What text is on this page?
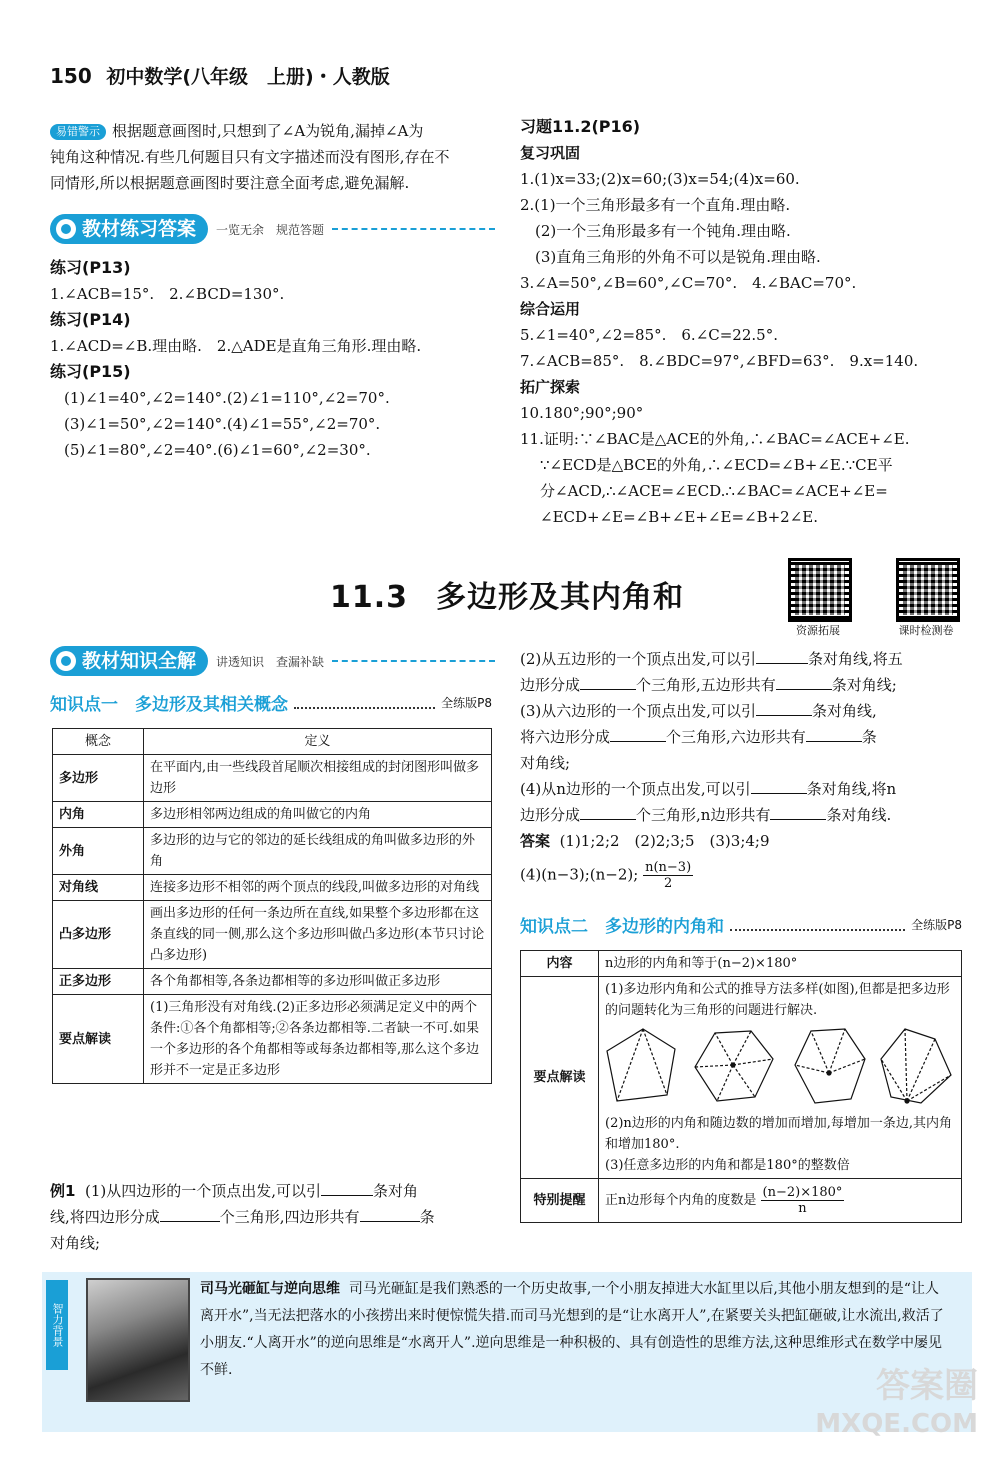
150 初中数学(八年级　上册)・人教版
易错警示 根据题意画图时,只想到了∠A为锐角,漏掉∠A为
钝角这种情况.有些几何题目只有文字描述而没有图形,存在不
同情形,所以根据题意画图时要注意全面考虑,避免漏解.
教材练习答案 一览无余　规范答题
练习(P13)
1.∠ACB=15°.　2.∠BCD=130°.
练习(P14)
1.∠ACD=∠B.理由略.　2.△ADE是直角三角形.理由略.
练习(P15)
(1)∠1=40°,∠2=140°.(2)∠1=110°,∠2=70°.
(3)∠1=50°,∠2=140°.(4)∠1=55°,∠2=70°.
(5)∠1=80°,∠2=40°.(6)∠1=60°,∠2=30°.
习题11.2(P16)
复习巩固
1.(1)x=33;(2)x=60;(3)x=54;(4)x=60.
2.(1)一个三角形最多有一个直角.理由略.
　(2)一个三角形最多有一个钝角.理由略.
　(3)直角三角形的外角不可以是锐角.理由略.
3.∠A=50°,∠B=60°,∠C=70°.　4.∠BAC=70°.
综合运用
5.∠1=40°,∠2=85°.　6.∠C=22.5°.
7.∠ACB=85°.　8.∠BDC=97°,∠BFD=63°.　9.x=140.
拓广探索
10.180°;90°;90°
11.证明:∵∠BAC是△ACE的外角,∴∠BAC=∠ACE+∠E.
∵∠ECD是△BCE的外角,∴∠ECD=∠B+∠E.∵CE平
分∠ACD,∴∠ACE=∠ECD.∴∠BAC=∠ACE+∠E=
∠ECD+∠E=∠B+∠E+∠E=∠B+2∠E.
11.3 多边形及其内角和
资源拓展	课时检测卷
教材知识全解 讲透知识　查漏补缺
知识点一　多边形及其相关概念	全练版P8
概念	定义
多边形	在平面内,由一些线段首尾顺次相接组成的封闭图形叫做多边形
内角	多边形相邻两边组成的角叫做它的内角
外角	多边形的边与它的邻边的延长线组成的角叫做多边形的外角
对角线	连接多边形不相邻的两个顶点的线段,叫做多边形的对角线
凸多边形	画出多边形的任何一条边所在直线,如果整个多边形都在这条直线的同一侧,那么这个多边形叫做凸多边形(本节只讨论凸多边形)
正多边形	各个角都相等,各条边都相等的多边形叫做正多边形
要点解读	(1)三角形没有对角线.(2)正多边形必须满足定义中的两个条件:①各个角都相等;②各条边都相等.二者缺一不可.如果一个多边形的各个角都相等或每条边都相等,那么这个多边形并不一定是正多边形
例1 (1)从四边形的一个顶点出发,可以引	条对角
线,将四边形分成	个三角形,四边形共有	条
对角线;
(2)从五边形的一个顶点出发,可以引	条对角线,将五
边形分成	个三角形,五边形共有	条对角线;
(3)从六边形的一个顶点出发,可以引	条对角线,
将六边形分成	个三角形,六边形共有	条
对角线;
(4)从n边形的一个顶点出发,可以引	条对角线,将n
边形分成	个三角形,n边形共有	条对角线.
答案 (1)1;2;2　(2)2;3;5　(3)3;4;9
(4)(n−3);(n−2); $\frac{n(n-3)}{2}$
知识点二　多边形的内角和	全练版P8
内容	n边形的内角和等于(n−2)×180°
要点解读	(1)多边形内角和公式的推导方法多样(如图),但都是把多边形的问题转化为三角形的问题进行解决.
(2)n边形的内角和随边数的增加而增加,每增加一条边,其内角和增加180°.
(3)任意多边形的内角和都是180°的整数倍

特别提醒	正n边形每个内角的度数是 $\frac{(n-2)\times 180^\circ}{n}$
智力背景
司马光砸缸与逆向思维 司马光砸缸是我们熟悉的一个历史故事,一个小朋友掉进大水缸里以后,其他小朋友想到的是“让人离开水”,当无法把落水的小孩捞出来时便惊慌失措.而司马光想到的是“让水离开人”,在紧要关头把缸砸破,让水流出,救活了小朋友.“人离开水”的逆向思维是“水离开人”.逆向思维是一种积极的、具有创造性的思维方法,这种思维形式在数学中屡见不鲜.	答案圈
MXQE.COM
